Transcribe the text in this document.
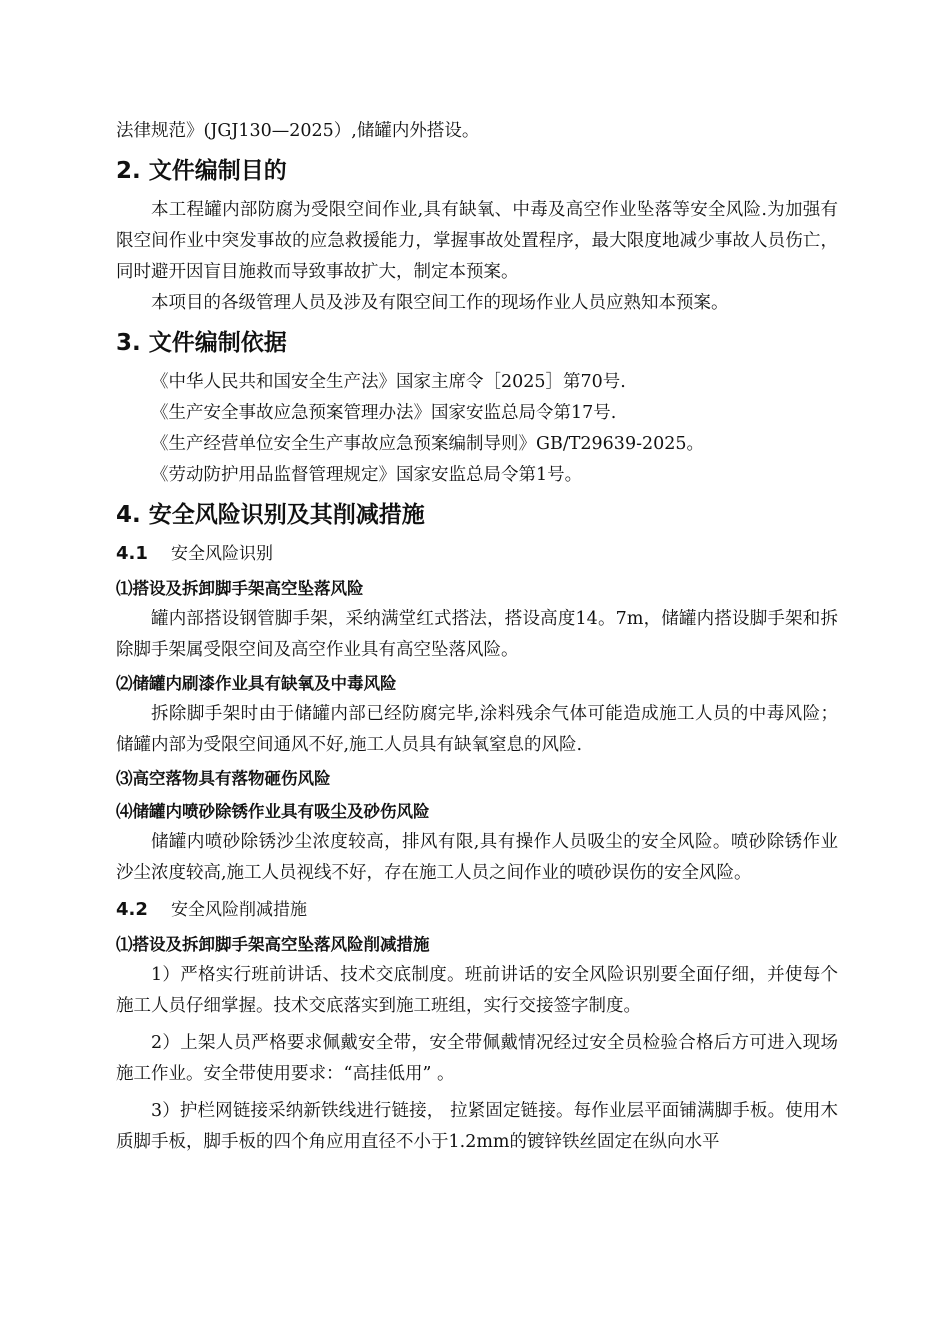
法律规范》(JGJ130—2025）,储罐内外搭设。

2. 文件编制目的

本工程罐内部防腐为受限空间作业,具有缺氧、中毒及高空作业坠落等安全风险.为加强有限空间作业中突发事故的应急救援能力，掌握事故处置程序，最大限度地减少事故人员伤亡，同时避开因盲目施救而导致事故扩大，制定本预案。

本项目的各级管理人员及涉及有限空间工作的现场作业人员应熟知本预案。

3. 文件编制依据

《中华人民共和国安全生产法》国家主席令［2025］第70号.

《生产安全事故应急预案管理办法》国家安监总局令第17号.

《生产经营单位安全生产事故应急预案编制导则》GB/T29639-2025。

《劳动防护用品监督管理规定》国家安监总局令第1号。

4. 安全风险识别及其削减措施
4.1 安全风险识别
⑴搭设及拆卸脚手架高空坠落风险

罐内部搭设钢管脚手架，采纳满堂红式搭法，搭设高度14。7m，储罐内搭设脚手架和拆除脚手架属受限空间及高空作业具有高空坠落风险。

⑵储罐内刷漆作业具有缺氧及中毒风险

拆除脚手架时由于储罐内部已经防腐完毕,涂料残余气体可能造成施工人员的中毒风险；储罐内部为受限空间通风不好,施工人员具有缺氧窒息的风险.

⑶高空落物具有落物砸伤风险
⑷储罐内喷砂除锈作业具有吸尘及砂伤风险

储罐内喷砂除锈沙尘浓度较高，排风有限,具有操作人员吸尘的安全风险。喷砂除锈作业沙尘浓度较高,施工人员视线不好，存在施工人员之间作业的喷砂误伤的安全风险。

4.2 安全风险削减措施
⑴搭设及拆卸脚手架高空坠落风险削减措施

1）严格实行班前讲话、技术交底制度。班前讲话的安全风险识别要全面仔细，并使每个施工人员仔细掌握。技术交底落实到施工班组，实行交接签字制度。

2）上架人员严格要求佩戴安全带，安全带佩戴情况经过安全员检验合格后方可进入现场施工作业。安全带使用要求：“高挂低用” 。

3）护栏网链接采纳新铁线进行链接， 拉紧固定链接。每作业层平面铺满脚手板。使用木质脚手板，脚手板的四个角应用直径不小于1.2mm的镀锌铁丝固定在纵向水平
